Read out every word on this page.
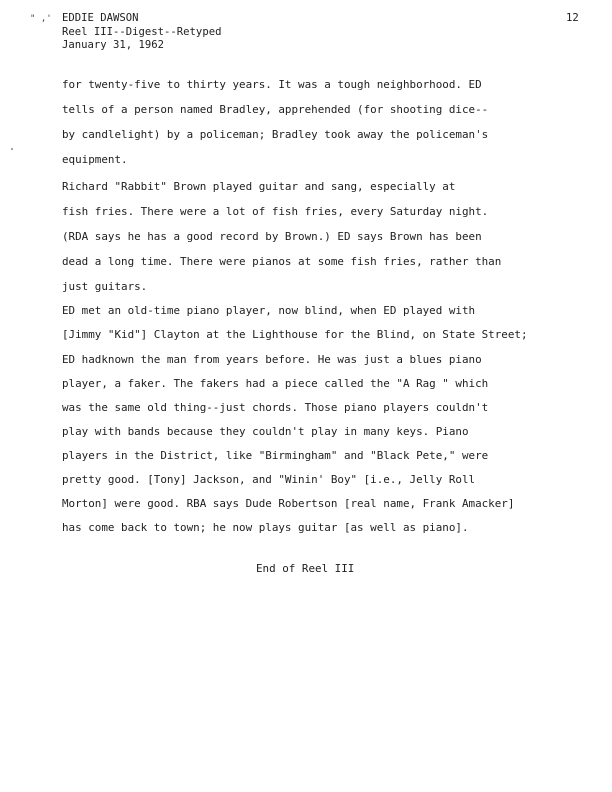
" ,' EDDIE DAWSON
Reel III--Digest--Retyped
January 31, 1962
12
for twenty-five to thirty years. It was a tough neighborhood. ED
tells of a person named Bradley, apprehended (for shooting dice--
by candlelight) by a policeman; Bradley took away the policeman's
equipment.
Richard "Rabbit" Brown played guitar and sang, especially at
fish fries. There were a lot of fish fries, every Saturday night.
(RDA says he has a good record by Brown.) ED says Brown has been
dead a long time. There were pianos at some fish fries, rather than
just guitars.
ED met an old-time piano player, now blind, when ED played with
[Jimmy "Kid"] Clayton at the Lighthouse for the Blind, on State Street;
ED hadknown the man from years before. He was just a blues piano
player, a faker. The fakers had a piece called the "A Rag " which
was the same old thing--just chords. Those piano players couldn't
play with bands because they couldn't play in many keys. Piano
players in the District, like "Birmingham" and "Black Pete," were
pretty good. [Tony] Jackson, and "Winin' Boy" [i.e., Jelly Roll
Morton] were good. RBA says Dude Robertson [real name, Frank Amacker]
has come back to town; he now plays guitar [as well as piano].
End of Reel III
